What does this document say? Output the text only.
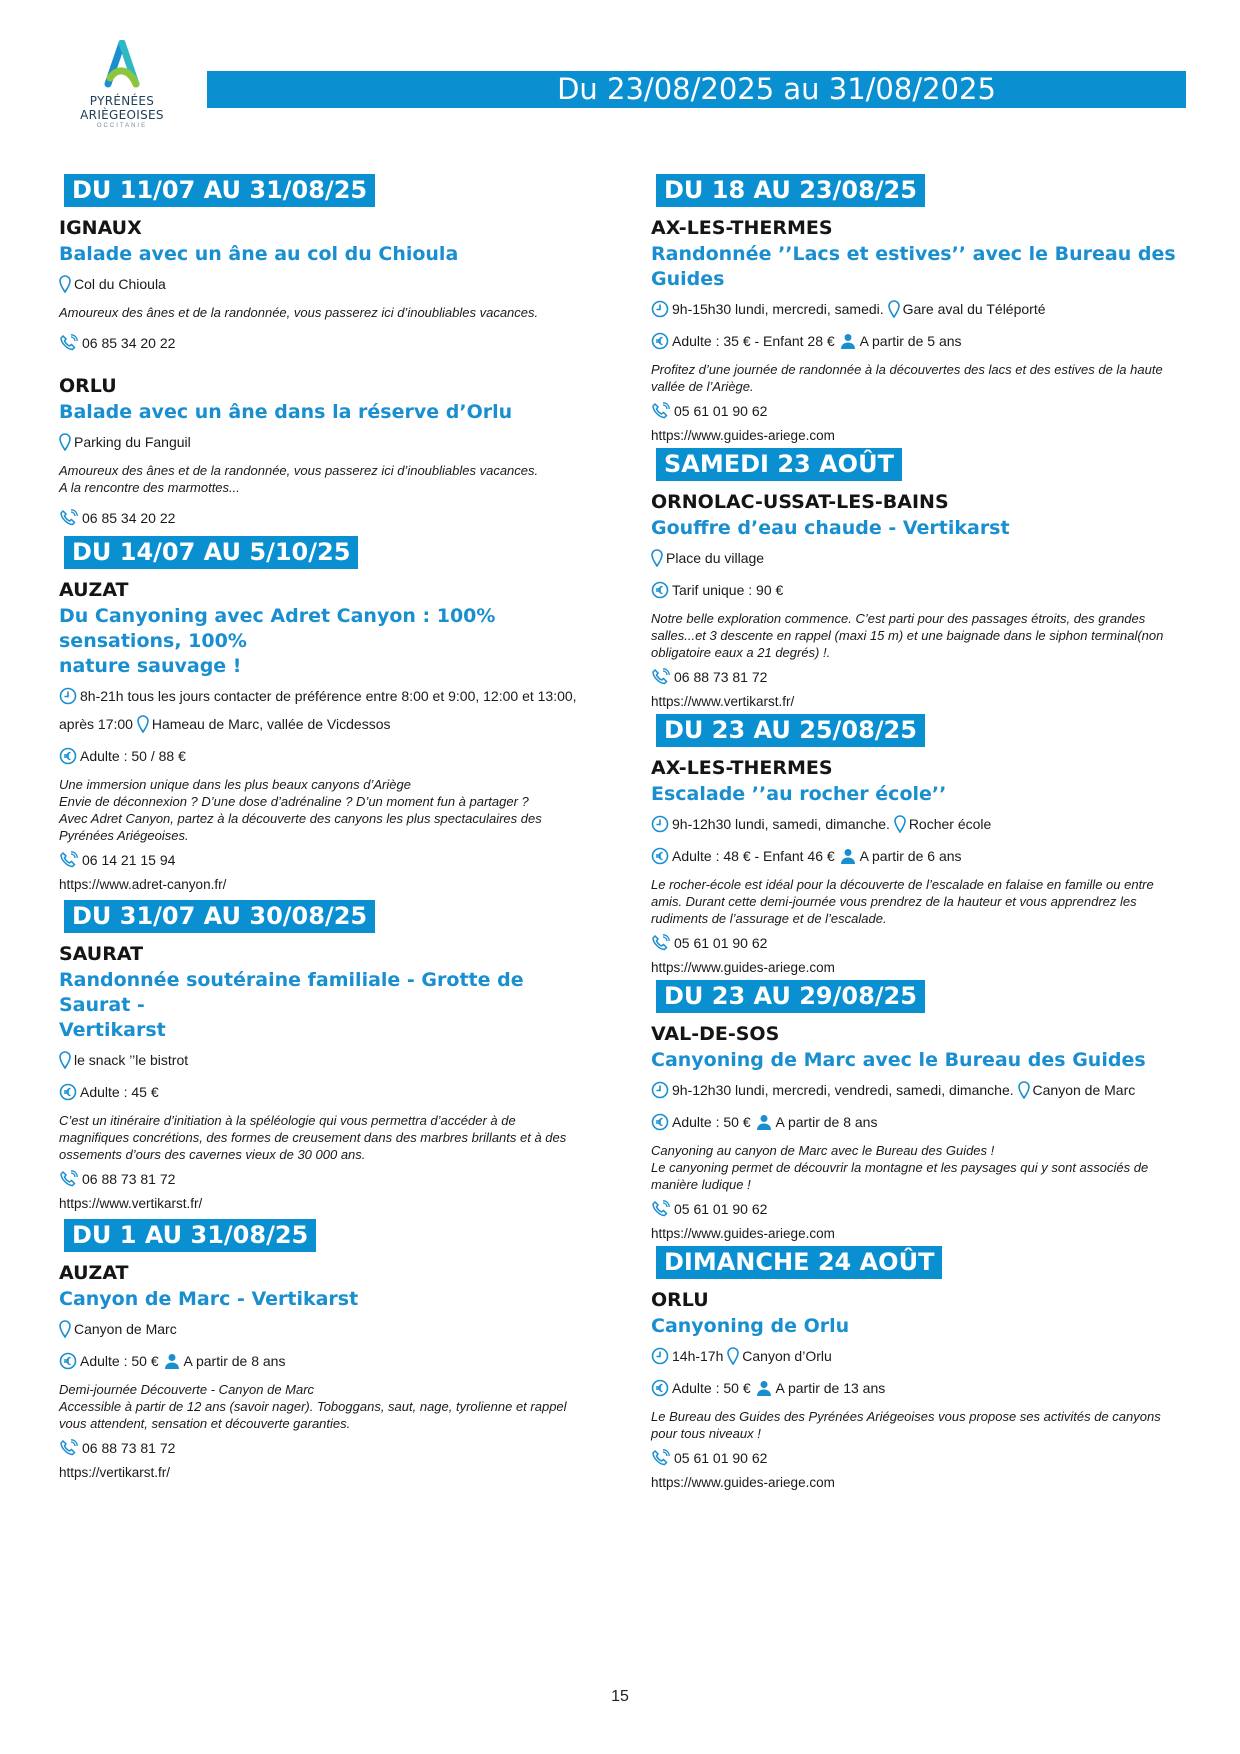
PYRÉNÉES
ARIÈGEOISES
OCCITANIE
Du 23/08/2025 au 31/08/2025
DU 11/07 AU 31/08/25
IGNAUX
Balade avec un âne au col du Chioula
Col du Chioula
Amoureux des ânes et de la randonnée, vous passerez ici d’inoubliables vacances.
06 85 34 20 22
ORLU
Balade avec un âne dans la réserve d’Orlu
Parking du Fanguil
Amoureux des ânes et de la randonnée, vous passerez ici d’inoubliables vacances.
A la rencontre des marmottes...
06 85 34 20 22
DU 14/07 AU 5/10/25
AUZAT
Du Canyoning avec Adret Canyon : 100% sensations, 100%
nature sauvage !
8h-21h tous les jours contacter de préférence entre 8:00 et 9:00, 12:00 et 13:00,
après 17:00 Hameau de Marc, vallée de Vicdessos
Adulte : 50 / 88 €
Une immersion unique dans les plus beaux canyons d’Ariège
Envie de déconnexion ? D’une dose d’adrénaline ? D’un moment fun à partager ?
Avec Adret Canyon, partez à la découverte des canyons les plus spectaculaires des
Pyrénées Ariégeoises.
06 14 21 15 94
https://www.adret-canyon.fr/
DU 31/07 AU 30/08/25
SAURAT
Randonnée soutéraine familiale - Grotte de Saurat -
Vertikarst
le snack ’’le bistrot
Adulte : 45 €
C’est un itinéraire d’initiation à la spéléologie qui vous permettra d’accéder à de
magnifiques concrétions, des formes de creusement dans des marbres brillants et à des
ossements d’ours des cavernes vieux de 30 000 ans.
06 88 73 81 72
https://www.vertikarst.fr/
DU 1 AU 31/08/25
AUZAT
Canyon de Marc - Vertikarst
Canyon de Marc
Adulte : 50 € A partir de 8 ans
Demi-journée Découverte - Canyon de Marc
Accessible à partir de 12 ans (savoir nager). Toboggans, saut, nage, tyrolienne et rappel
vous attendent, sensation et découverte garanties.
06 88 73 81 72
https://vertikarst.fr/
DU 18 AU 23/08/25
AX-LES-THERMES
Randonnée ’’Lacs et estives’’ avec le Bureau des Guides
9h-15h30 lundi, mercredi, samedi. Gare aval du Téléporté
Adulte : 35 € - Enfant 28 € A partir de 5 ans
Profitez d’une journée de randonnée à la découvertes des lacs et des estives de la haute
vallée de l’Ariège.
05 61 01 90 62
https://www.guides-ariege.com
SAMEDI 23 AOÛT
ORNOLAC-USSAT-LES-BAINS
Gouffre d’eau chaude - Vertikarst
Place du village
Tarif unique : 90 €
Notre belle exploration commence. C’est parti pour des passages étroits, des grandes
salles...et 3 descente en rappel (maxi 15 m) et une baignade dans le siphon terminal(non
obligatoire eaux a 21 degrés) !.
06 88 73 81 72
https://www.vertikarst.fr/
DU 23 AU 25/08/25
AX-LES-THERMES
Escalade ’’au rocher école’’
9h-12h30 lundi, samedi, dimanche. Rocher école
Adulte : 48 € - Enfant 46 € A partir de 6 ans
Le rocher-école est idéal pour la découverte de l’escalade en falaise en famille ou entre
amis. Durant cette demi-journée vous prendrez de la hauteur et vous apprendrez les
rudiments de l’assurage et de l’escalade.
05 61 01 90 62
https://www.guides-ariege.com
DU 23 AU 29/08/25
VAL-DE-SOS
Canyoning de Marc avec le Bureau des Guides
9h-12h30 lundi, mercredi, vendredi, samedi, dimanche. Canyon de Marc
Adulte : 50 € A partir de 8 ans
Canyoning au canyon de Marc avec le Bureau des Guides !
Le canyoning permet de découvrir la montagne et les paysages qui y sont associés de
manière ludique !
05 61 01 90 62
https://www.guides-ariege.com
DIMANCHE 24 AOÛT
ORLU
Canyoning de Orlu
14h-17h Canyon d’Orlu
Adulte : 50 € A partir de 13 ans
Le Bureau des Guides des Pyrénées Ariégeoises vous propose ses activités de canyons
pour tous niveaux !
05 61 01 90 62
https://www.guides-ariege.com
15
